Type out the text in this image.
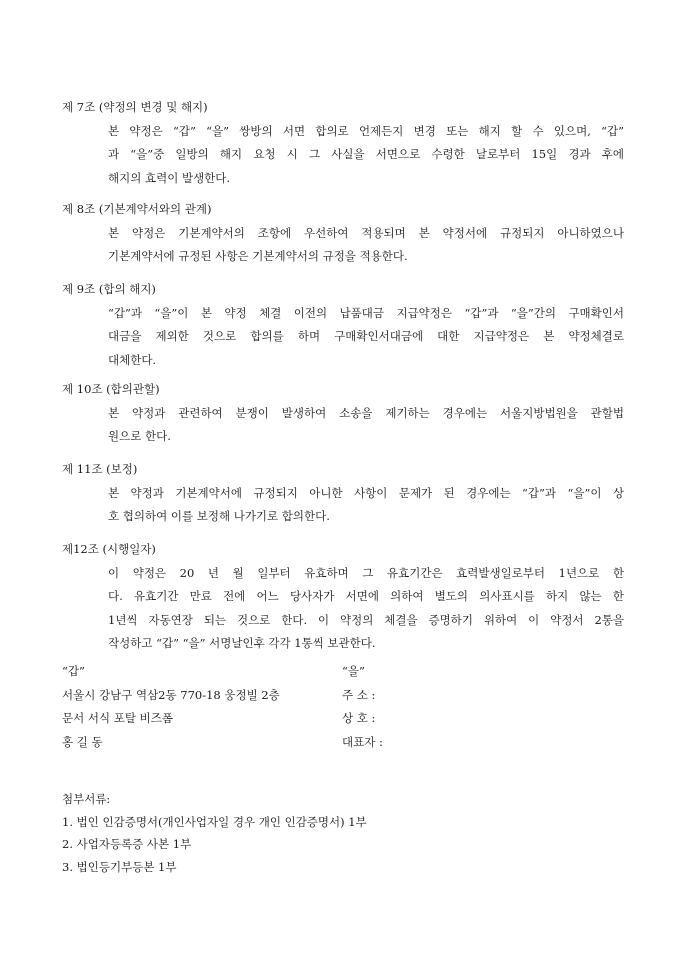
제 7조 (약정의 변경 및 해지)
본 약정은 “갑” “을” 쌍방의 서면 합의로 언제든지 변경 또는 해지 할 수 있으며, “갑”
과 “을”중 일방의 해지 요청 시 그 사실을 서면으로 수령한 날로부터 15일 경과 후에
해지의 효력이 발생한다.
제 8조 (기본계약서와의 관계)
본 약정은 기본계약서의 조항에 우선하여 적용되며 본 약정서에 규정되지 아니하였으나
기본계약서에 규정된 사항은 기본계약서의 규정을 적용한다.
제 9조 (합의 해지)
“갑”과 “을”이 본 약정 체결 이전의 납품대금 지급약정은 “갑”과 “을”간의 구매확인서
대금을 제외한 것으로 합의를 하며 구매확인서대금에 대한 지급약정은 본 약정체결로
대체한다.
제 10조 (합의관할)
본 약정과 관련하여 분쟁이 발생하여 소송을 제기하는 경우에는 서울지방법원을 관할법
원으로 한다.
제 11조 (보정)
본 약정과 기본계약서에 규정되지 아니한 사항이 문제가 된 경우에는 “갑”과 “을”이 상
호 협의하여 이를 보정해 나가기로 합의한다.
제12조 (시행일자)
이 약정은 20 년 월 일부터 유효하며 그 유효기간은 효력발생일로부터 1년으로 한
다. 유효기간 만료 전에 어느 당사자가 서면에 의하여 별도의 의사표시를 하지 않는 한
1년씩 자동연장 되는 것으로 한다. 이 약정의 체결을 증명하기 위하여 이 약정서 2통을
작성하고 “갑” “을” 서명날인후 각각 1통씩 보관한다.
“갑”
서울시 강남구 역삼2동 770-18 웅정빌 2층
문서 서식 포탈 비즈폼
홍 길 동
“을”
주 소 :
상 호 :
대표자 :
첨부서류:
1. 법인 인감증명서(개인사업자일 경우 개인 인감증명서) 1부
2. 사업자등록증 사본 1부
3. 법인등기부등본 1부
